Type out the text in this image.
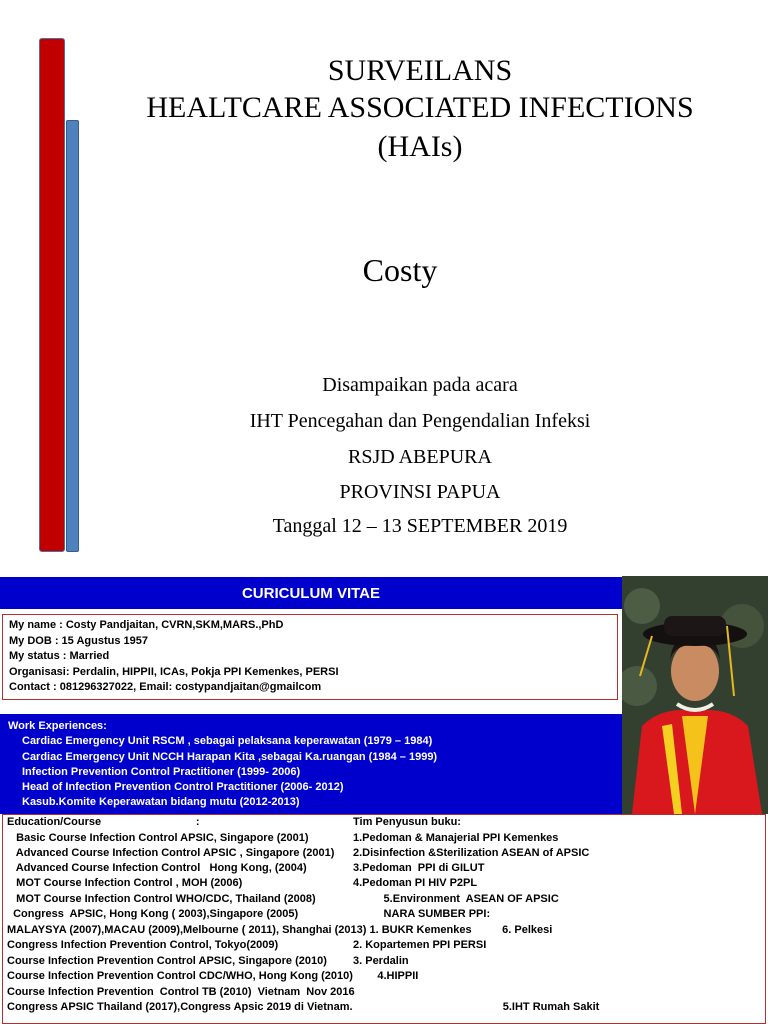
SURVEILANS
HEALTCARE ASSOCIATED INFECTIONS
(HAIs)
Costy
Disampaikan pada acara
IHT Pencegahan dan Pengendalian Infeksi
RSJD ABEPURA
PROVINSI PAPUA
Tanggal 12 – 13 SEPTEMBER 2019
CURICULUM VITAE
My name : Costy Pandjaitan, CVRN,SKM,MARS.,PhD
My DOB : 15 Agustus 1957
My status : Married
Organisasi: Perdalin, HIPPII, ICAs, Pokja PPI Kemenkes, PERSI
Contact : 081296327022, Email: costypandjaitan@gmailcom
Work Experiences:
Cardiac Emergency Unit RSCM , sebagai pelaksana keperawatan (1979 – 1984)
Cardiac Emergency Unit NCCH Harapan Kita ,sebagai Ka.ruangan (1984 – 1999)
Infection Prevention Control Practitioner (1999- 2006)
Head of Infection Prevention Control Practitioner (2006- 2012)
Kasub.Komite Keperawatan bidang mutu (2012-2013)
Education/Course                               :	Tim Penyusun buku:
Basic Course Infection Control APSIC, Singapore (2001)	1.Pedoman & Manajerial PPI Kemenkes
Advanced Course Infection Control APSIC , Singapore (2001) 2.Disinfection &Sterilization ASEAN of APSIC
Advanced Course Infection Control   Hong Kong, (2004)	3.Pedoman  PPI di GILUT
MOT Course Infection Control , MOH (2006)	4.Pedoman PI HIV P2PL
MOT Course Infection Control WHO/CDC, Thailand (2008)	5.Environment  ASEAN OF APSIC
Congress  APSIC, Hong Kong ( 2003),Singapore (2005)	NARA SUMBER PPI:
MALAYSYA (2007),MACAU (2009),Melbourne ( 2011), Shanghai (2013) 1. BUKR Kemenkes          6. Pelkesi
Congress Infection Prevention Control, Tokyo(2009)	2. Kopartemen PPI PERSI
Course Infection Prevention Control APSIC, Singapore (2010) 3. Perdalin
Course Infection Prevention Control CDC/WHO, Hong Kong (2010)        4.HIPPII
Course Infection Prevention  Control TB (2010)  Vietnam  Nov 2016
Congress APSIC Thailand (2017),Congress Apsic 2019 di Vietnam. 5.IHT Rumah Sakit
